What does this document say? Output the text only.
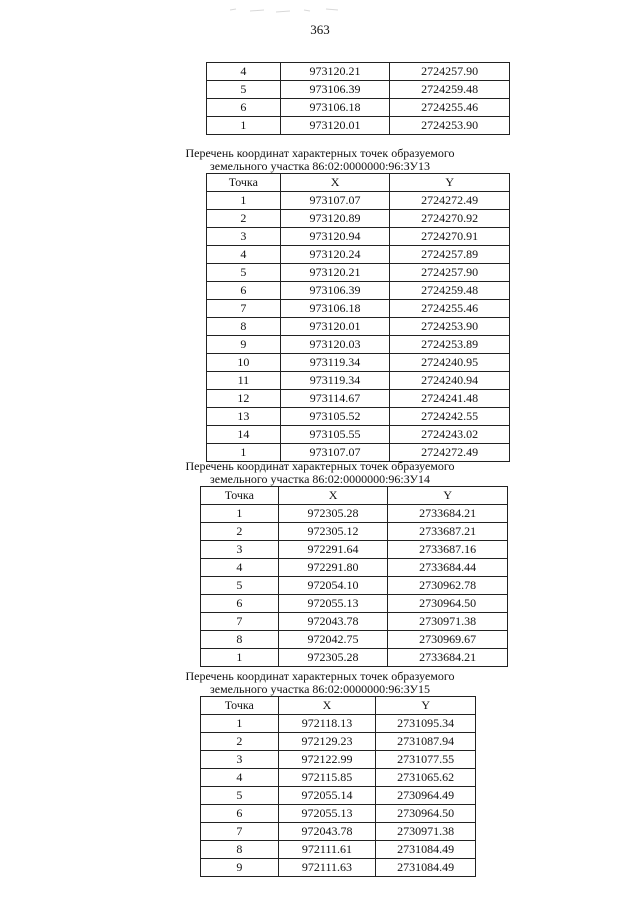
363
4	973120.21	2724257.90
5	973106.39	2724259.48
6	973106.18	2724255.46
1	973120.01	2724253.90

Перечень координат характерных точек образуемого

земельного участка 86:02:0000000:96:ЗУ13

Точка	X	Y
1	973107.07	2724272.49
2	973120.89	2724270.92
3	973120.94	2724270.91
4	973120.24	2724257.89
5	973120.21	2724257.90
6	973106.39	2724259.48
7	973106.18	2724255.46
8	973120.01	2724253.90
9	973120.03	2724253.89
10	973119.34	2724240.95
11	973119.34	2724240.94
12	973114.67	2724241.48
13	973105.52	2724242.55
14	973105.55	2724243.02
1	973107.07	2724272.49

Перечень координат характерных точек образуемого

земельного участка 86:02:0000000:96:ЗУ14

Точка	X	Y
1	972305.28	2733684.21
2	972305.12	2733687.21
3	972291.64	2733687.16
4	972291.80	2733684.44
5	972054.10	2730962.78
6	972055.13	2730964.50
7	972043.78	2730971.38
8	972042.75	2730969.67
1	972305.28	2733684.21

Перечень координат характерных точек образуемого

земельного участка 86:02:0000000:96:ЗУ15

Точка	X	Y
1	972118.13	2731095.34
2	972129.23	2731087.94
3	972122.99	2731077.55
4	972115.85	2731065.62
5	972055.14	2730964.49
6	972055.13	2730964.50
7	972043.78	2730971.38
8	972111.61	2731084.49
9	972111.63	2731084.49
